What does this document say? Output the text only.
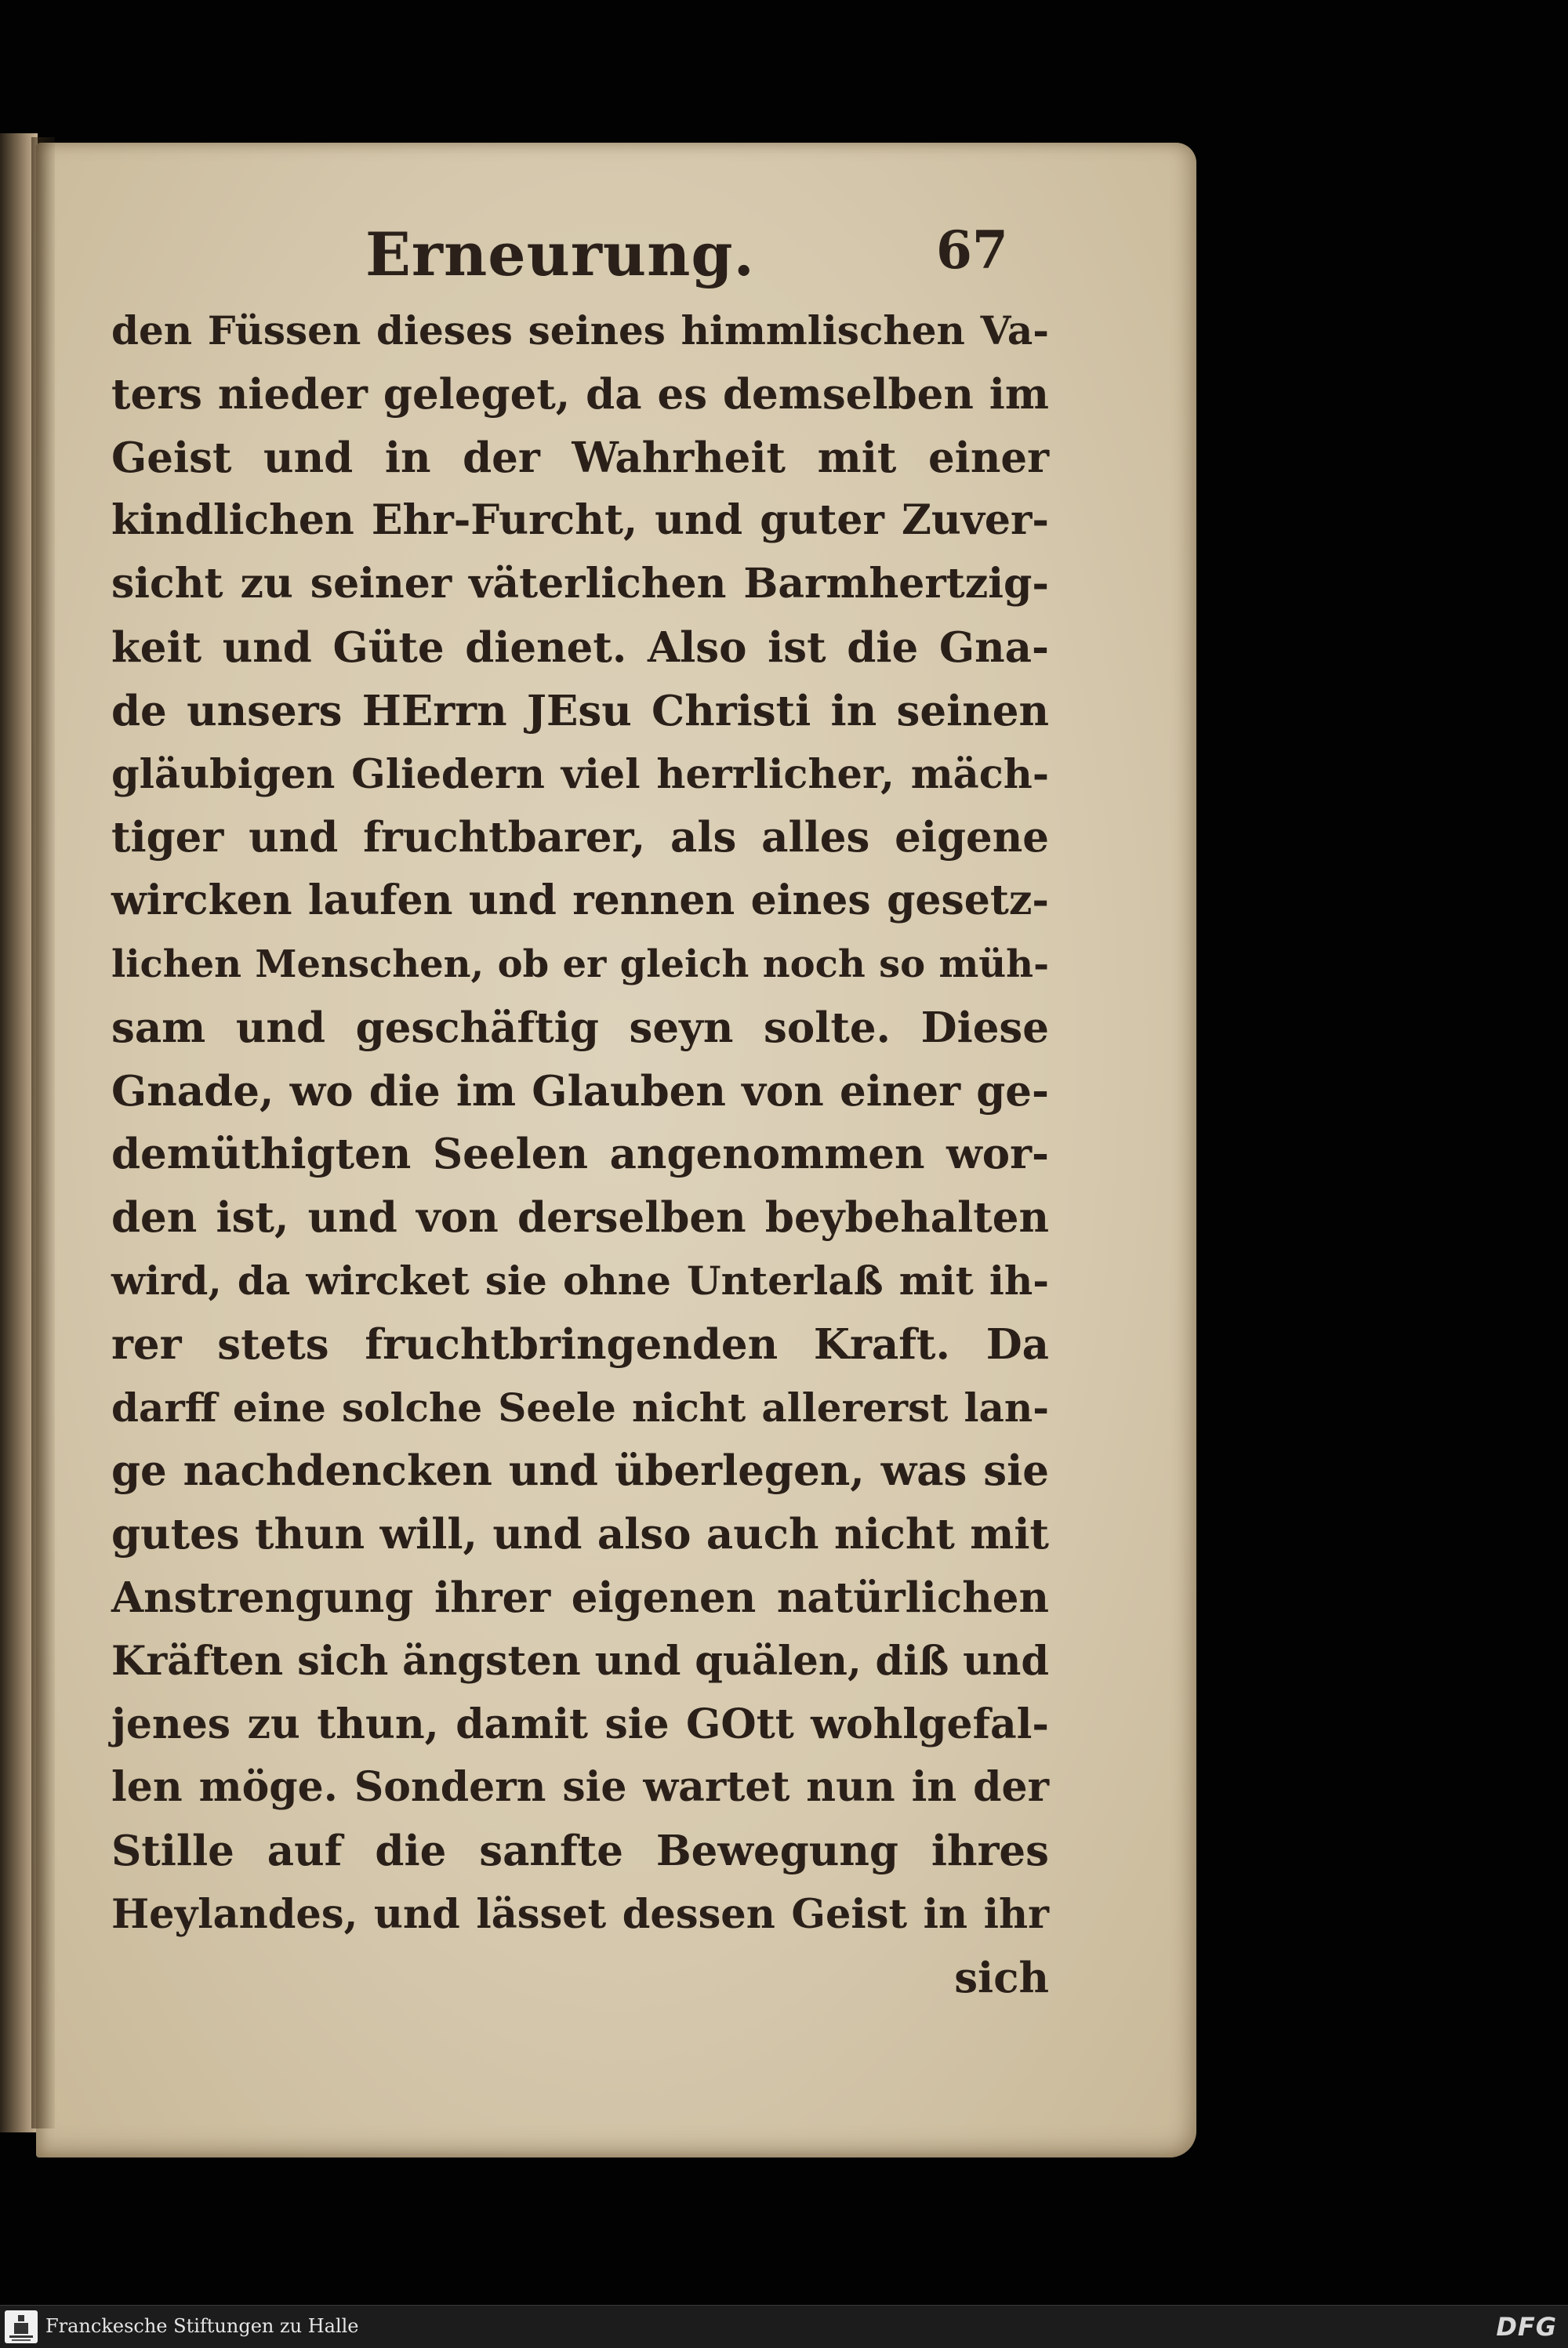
Erneurung.	67
den Füssen dieses seines himmlischen Va-
ters nieder geleget, da es demselben im
Geist und in der Wahrheit mit einer
kindlichen Ehr-Furcht, und guter Zuver-
sicht zu seiner väterlichen Barmhertzig-
keit und Güte dienet. Also ist die Gna-
de unsers HErrn JEsu Christi in seinen
gläubigen Gliedern viel herrlicher, mäch-
tiger und fruchtbarer, als alles eigene
wircken laufen und rennen eines gesetz-
lichen Menschen, ob er gleich noch so müh-
sam und geschäftig seyn solte. Diese
Gnade, wo die im Glauben von einer ge-
demüthigten Seelen angenommen wor-
den ist, und von derselben beybehalten
wird, da wircket sie ohne Unterlaß mit ih-
rer stets fruchtbringenden Kraft. Da
darff eine solche Seele nicht allererst lan-
ge nachdencken und überlegen, was sie
gutes thun will, und also auch nicht mit
Anstrengung ihrer eigenen natürlichen
Kräften sich ängsten und quälen, diß und
jenes zu thun, damit sie GOtt wohlgefal-
len möge. Sondern sie wartet nun in der
Stille auf die sanfte Bewegung ihres
Heylandes, und lässet dessen Geist in ihr
sich
Franckesche Stiftungen zu Halle	DFG
